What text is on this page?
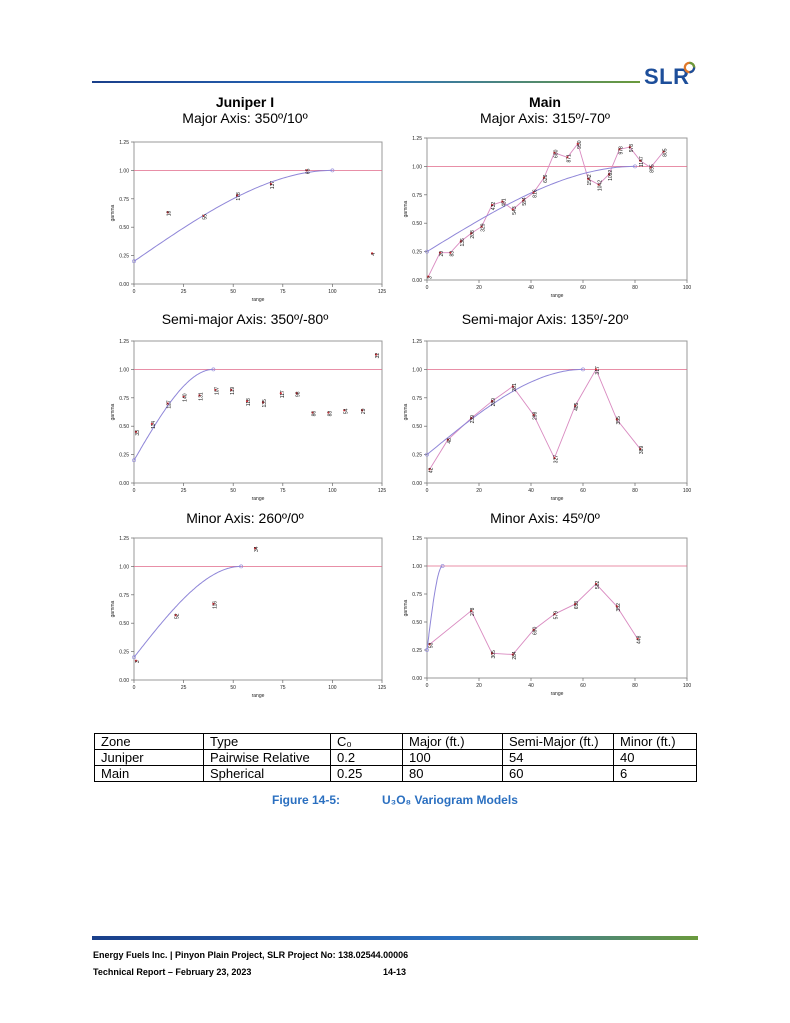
SLR
Juniper I
Major Axis: 350º/10º
Main
Major Axis: 315º/-70º
Semi-major Axis: 350º/-80º	Semi-major Axis: 135º/-20º
Minor Axis: 260º/0º	Minor Axis: 45º/0º
0.00
0.25
0.50
0.75
1.00
1.25
0	25	50	75	100	125
range
gamma	18
55
178
137
65
4
0.00
0.25
0.50
0.75
1.00
1.25
0	20	40	60	80	100
range
gamma
3
20 83
136
208
329
432 491
543
594
816
626
680
871
950
1542
1042
1092
978 978
1147
855
805
0.00
0.25
0.50
0.75
1.00
1.25
0	25	50	75	100	125
range
gamma
33
114
127
140 131
107 119
118 135
117 98
86 83 54 29
32
0.00
0.25
0.50
0.75
1.00
1.25
0	20	40	60	80	100
range
gamma
42
48
239
289
281
298
327
485
317
355
389
0.00
0.25
0.50
0.75
1.00
1.25
0	25	50	75	100	125
range
gamma
3
52
116
34
0.00
0.25
0.50
0.75
1.00
1.25
0	20	40	60	80	100
range
gamma
53
278
305	284
690
579
658
582
352
448
Zone	Type	C₀	Major (ft.)	Semi-Major (ft.)	Minor (ft.)
Juniper	Pairwise Relative	0.2	100	54	40
Main	Spherical	0.25	80	60	6
Figure 14-5:	U₃O₈ Variogram Models
Energy Fuels Inc. | Pinyon Plain Project, SLR Project No: 138.02544.00006
Technical Report – February 23, 2023	14-13
